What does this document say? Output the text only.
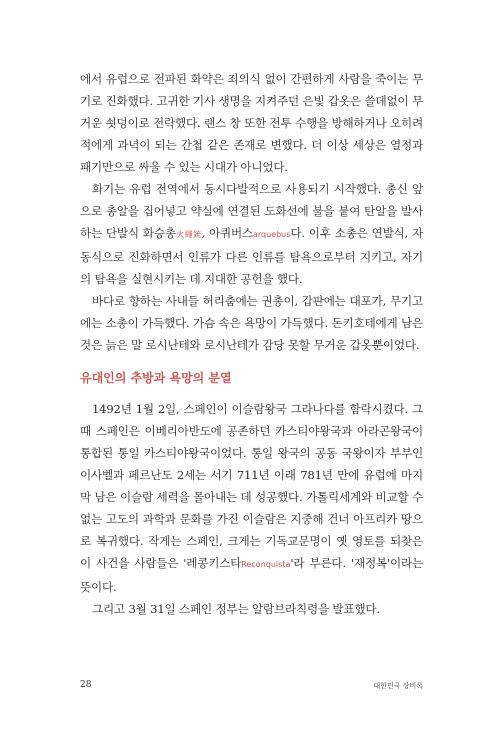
에서 유럽으로 전파된 화약은 죄의식 없이 간편하게 사람을 죽이는 무기로 진화했다. 고귀한 기사 생명을 지켜주던 은빛 갑옷은 쓸데없이 무거운 쇳덩이로 전락했다. 랜스 창 또한 전투 수행을 방해하거나 오히려 적에게 과녁이 되는 간첩 같은 존재로 변했다. 더 이상 세상은 열정과 패기만으로 싸울 수 있는 시대가 아니었다.

화기는 유럽 전역에서 동시다발적으로 사용되기 시작했다. 총신 앞으로 총알을 집어넣고 약실에 연결된 도화선에 불을 붙여 탄알을 발사하는 단발식 화승총火繩銃, 아퀴버스arquebus다. 이후 소총은 연발식, 자동식으로 진화하면서 인류가 다른 인류를 탐욕으로부터 지키고, 자기의 탐욕을 실현시키는 데 지대한 공헌을 했다.

바다로 향하는 사내들 허리춤에는 권총이, 갑판에는 대포가, 무기고에는 소총이 가득했다. 가슴 속은 욕망이 가득했다. 돈키호테에게 남은 것은 늙은 말 로시난테와 로시난테가 감당 못할 무거운 갑옷뿐이었다.

유대인의 추방과 욕망의 분열

1492년 1월 2일, 스페인이 이슬람왕국 그라나다를 함락시켰다. 그때 스페인은 이베리아반도에 공존하던 카스티야왕국과 아라곤왕국이 통합된 통일 카스티야왕국이었다. 통일 왕국의 공동 국왕이자 부부인 이사벨과 페르난도 2세는 서기 711년 이래 781년 만에 유럽에 마지막 남은 이슬람 세력을 몰아내는 데 성공했다. 가톨릭세계와 비교할 수 없는 고도의 과학과 문화를 가진 이슬람은 지중해 건너 아프리카 땅으로 복귀했다. 작게는 스페인, 크게는 기독교문명이 옛 영토를 되찾은 이 사건을 사람들은 '레콩키스타Reconquista'라 부른다. '재정복'이라는 뜻이다.

그리고 3월 31일 스페인 정부는 알람브라칙령을 발표했다.

28	대한민국 상비록
